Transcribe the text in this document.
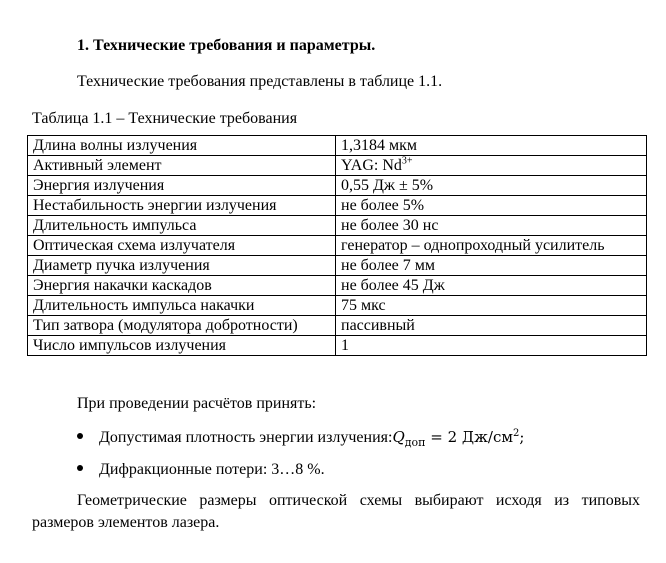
1. Технические требования и параметры.
Технические требования представлены в таблице 1.1.
Таблица 1.1 – Технические требования
Длина волны излучения	1,3184 мкм
Активный элемент	YAG: $Nd^{3+}$
Энергия излучения	0,55 Дж ± 5%
Нестабильность энергии излучения	не более 5%
Длительность импульса	не более 30 нс
Оптическая схема излучателя	генератор – однопроходный усилитель
Диаметр пучка излучения	не более 7 мм
Энергия накачки каскадов	не более 45 Дж
Длительность импульса накачки	75 мкс
Тип затвора (модулятора добротности)	пассивный
Число импульсов излучения	1
При проведении расчётов принять:
Допустимая плотность энергии излучения: $Q_{доп} = 2$ $Дж/см^2$;
Дифракционные потери: 3…8 %.
Геометрические размеры оптической схемы выбирают исходя из типовых размеров элементов лазера.
